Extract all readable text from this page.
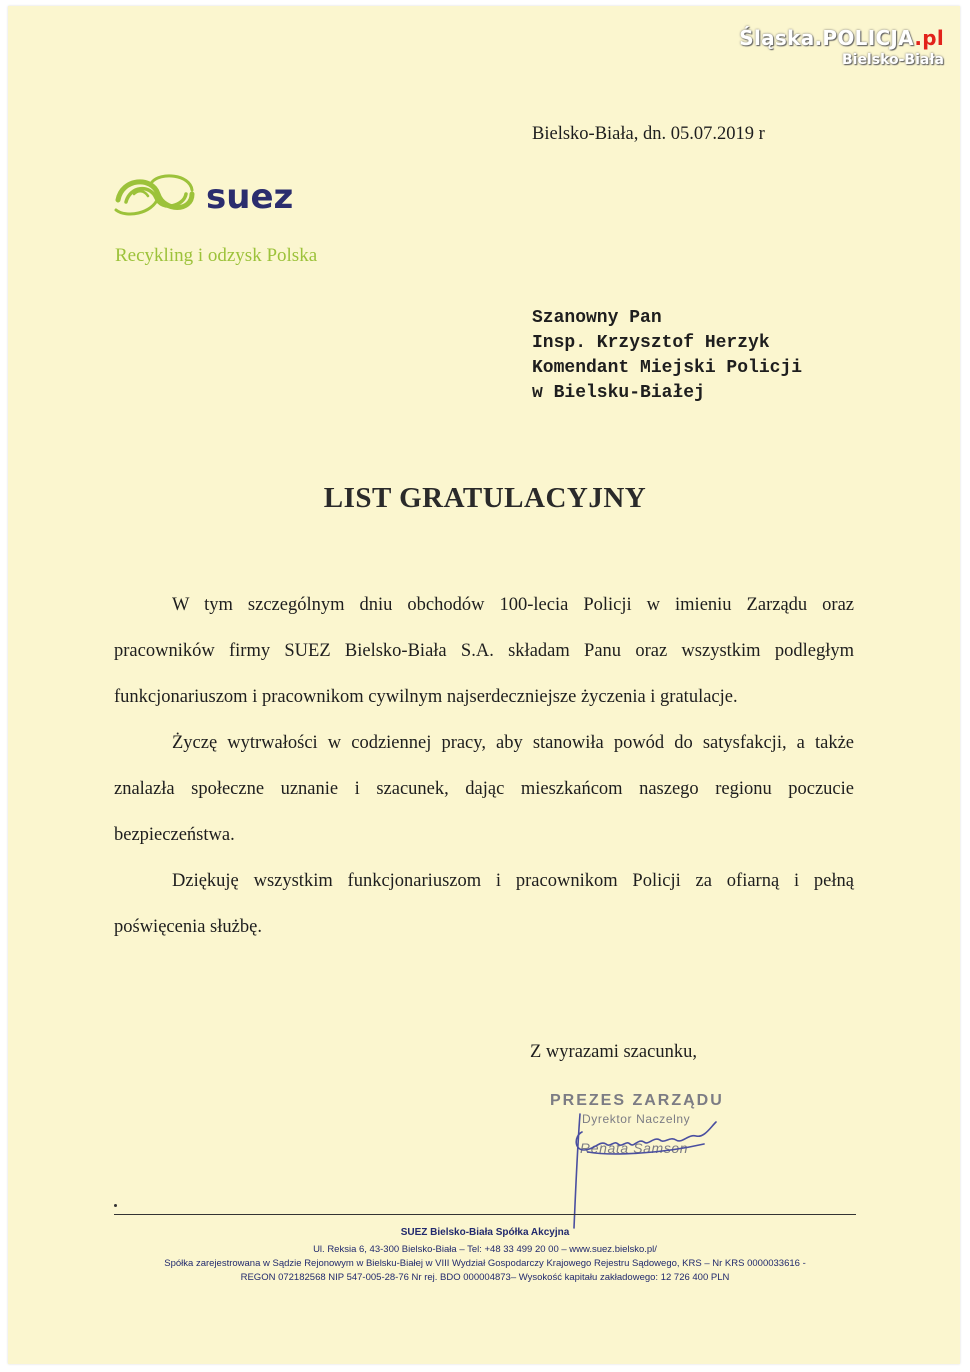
Śląska.POLICJA.pl
Bielsko-Biała
Bielsko-Biała, dn. 05.07.2019 r
suez
Recykling i odzysk Polska
Szanowny Pan
Insp. Krzysztof Herzyk
Komendant Miejski Policji
w Bielsku-Białej
LIST GRATULACYJNY

W tym szczególnym dniu obchodów 100-lecia Policji w imieniu Zarządu oraz pracowników firmy SUEZ Bielsko-Biała S.A. składam Panu oraz wszystkim podległym funkcjonariuszom i pracownikom cywilnym najserdeczniejsze życzenia i gratulacje.

Życzę wytrwałości w codziennej pracy, aby stanowiła powód do satysfakcji, a także znalazła społeczne uznanie i szacunek, dając mieszkańcom naszego regionu poczucie bezpieczeństwa.

Dziękuję wszystkim funkcjonariuszom i pracownikom Policji za ofiarną i pełną poświęcenia służbę.

Z wyrazami szacunku,
PREZES ZARZĄDU
Dyrektor Naczelny
Renata Samson
SUEZ Bielsko-Biała Spółka Akcyjna
Ul. Reksia 6, 43-300 Bielsko-Biała – Tel: +48 33 499 20 00 – www.suez.bielsko.pl/
Spółka zarejestrowana w Sądzie Rejonowym w Bielsku-Białej w VIII Wydział Gospodarczy Krajowego Rejestru Sądowego, KRS – Nr KRS 0000033616 -
REGON 072182568 NIP 547-005-28-76 Nr rej. BDO 000004873– Wysokość kapitału zakładowego: 12 726 400 PLN
